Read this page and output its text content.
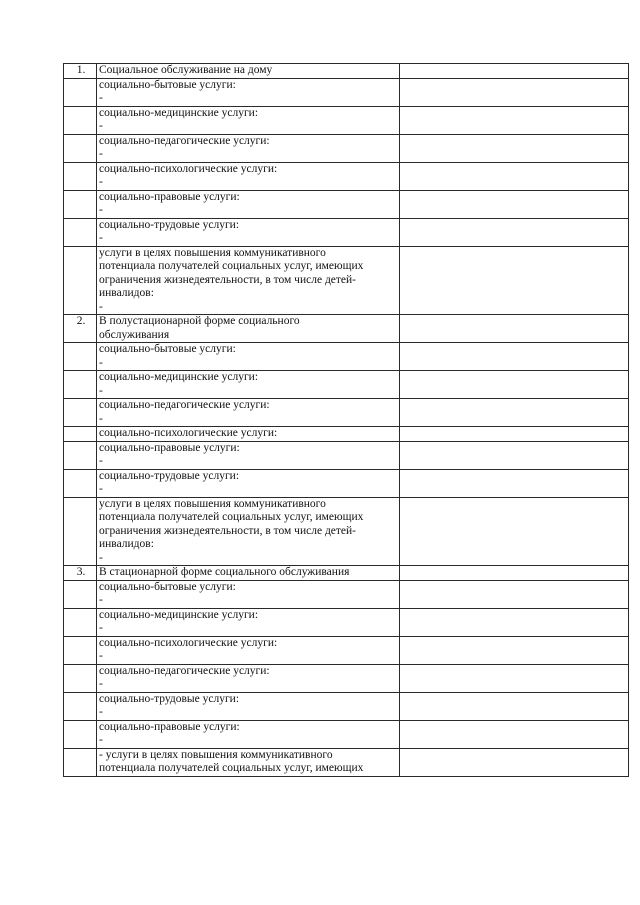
1.	Социальное обслуживание на дому	

	социально-бытовые услуги:
-	

	социально-медицинские услуги:
-	

	социально-педагогические услуги:
-	

	социально-психологические услуги:
-	

	социально-правовые услуги:
-	

	социально-трудовые услуги:
-	

	услуги в целях повышения коммуникативного
потенциала получателей социальных услуг, имеющих
ограничения жизнедеятельности, в том числе детей-
инвалидов:
-	

2.	В полустационарной форме социального
обслуживания	

	социально-бытовые услуги:
-	

	социально-медицинские услуги:
-	

	социально-педагогические услуги:
-	

	социально-психологические услуги:	

	социально-правовые услуги:
-	

	социально-трудовые услуги:
-	

	услуги в целях повышения коммуникативного
потенциала получателей социальных услуг, имеющих
ограничения жизнедеятельности, в том числе детей-
инвалидов:
-	

3.	В стационарной форме социального обслуживания	

	социально-бытовые услуги:
-	

	социально-медицинские услуги:
-	

	социально-психологические услуги:
-	

	социально-педагогические услуги:
-	

	социально-трудовые услуги:
-	

	социально-правовые услуги:
-	

	- услуги в целях повышения коммуникативного
потенциала получателей социальных услуг, имеющих	
